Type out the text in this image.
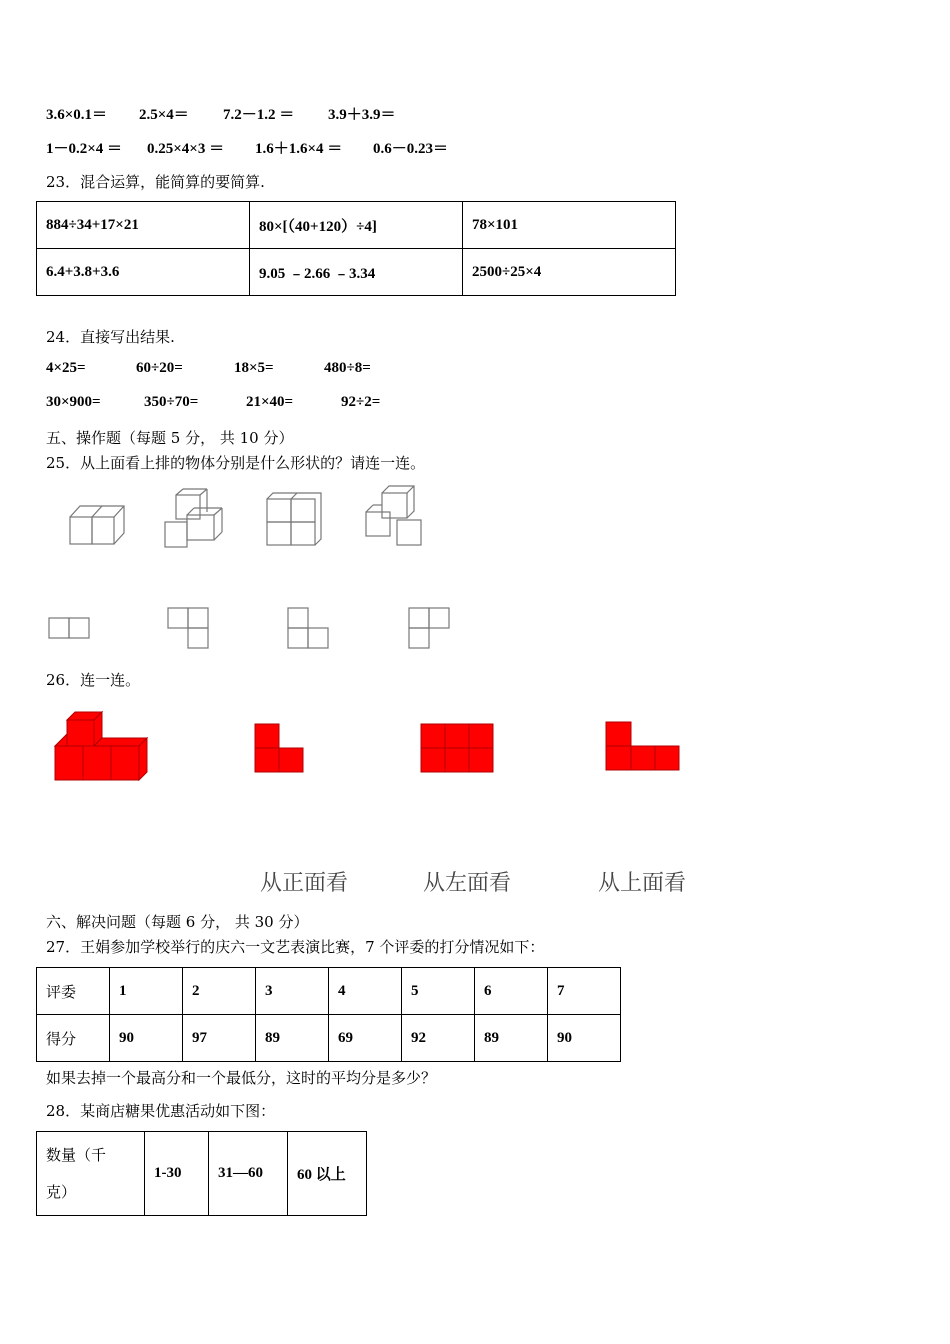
3.6×0.1＝ 2.5×4＝ 7.2－1.2 ＝ 3.9＋3.9＝
1－0.2×4 ＝ 0.25×4×3 ＝ 1.6＋1.6×4 ＝ 0.6－0.23＝
23．混合运算，能简算的要简算.
884÷34+17×21	80×[（40+120）÷4]	78×101
6.4+3.8+3.6	9.05 ﹣2.66 ﹣3.34	2500÷25×4
24．直接写出结果.
4×25=	60÷20=	18×5=	480÷8=
30×900=	350÷70=	21×40=	92÷2=
五、操作题（每题 5 分， 共 10 分）
25．从上面看上排的物体分别是什么形状的？请连一连。
26．连一连。
从正面看	从左面看	从上面看
六、解决问题（每题 6 分， 共 30 分）
27．王娟参加学校举行的庆六一文艺表演比赛，7 个评委的打分情况如下：
评委	1	2	3	4	5	6	7
得分	90	97	89	69	92	89	90
如果去掉一个最高分和一个最低分，这时的平均分是多少？
28．某商店糖果优惠活动如下图：
数量（千
克）
	1-30	31—60	60 以上
